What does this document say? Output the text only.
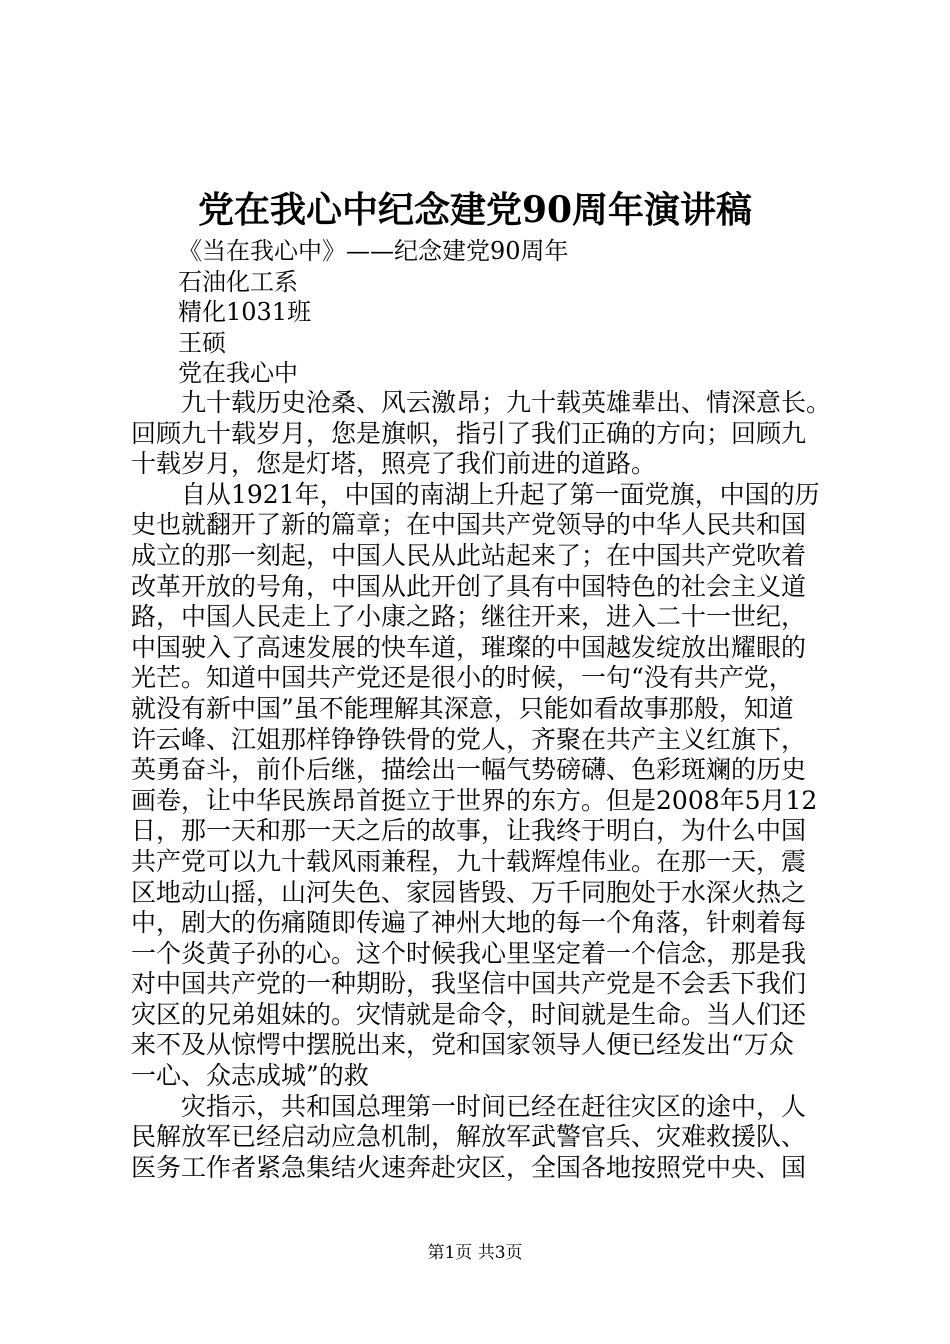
党在我心中纪念建党90周年演讲稿
《当在我心中》——纪念建党90周年
石油化工系
精化1031班
王硕
党在我心中
九十载历史沧桑、风云激昂；九十载英雄辈出、情深意长。
回顾九十载岁月，您是旗帜，指引了我们正确的方向；回顾九
十载岁月，您是灯塔，照亮了我们前进的道路。
自从1921年，中国的南湖上升起了第一面党旗，中国的历
史也就翻开了新的篇章；在中国共产党领导的中华人民共和国
成立的那一刻起，中国人民从此站起来了；在中国共产党吹着
改革开放的号角，中国从此开创了具有中国特色的社会主义道
路，中国人民走上了小康之路；继往开来，进入二十一世纪，
中国驶入了高速发展的快车道，璀璨的中国越发绽放出耀眼的
光芒。知道中国共产党还是很小的时候，一句“没有共产党，
就没有新中国”虽不能理解其深意，只能如看故事那般，知道
许云峰、江姐那样铮铮铁骨的党人，齐聚在共产主义红旗下，
英勇奋斗，前仆后继，描绘出一幅气势磅礴、色彩斑斓的历史
画卷，让中华民族昂首挺立于世界的东方。但是2008年5月12
日，那一天和那一天之后的故事，让我终于明白，为什么中国
共产党可以九十载风雨兼程，九十载辉煌伟业。在那一天，震
区地动山摇，山河失色、家园皆毁、万千同胞处于水深火热之
中，剧大的伤痛随即传遍了神州大地的每一个角落，针刺着每
一个炎黄子孙的心。这个时候我心里坚定着一个信念，那是我
对中国共产党的一种期盼，我坚信中国共产党是不会丢下我们
灾区的兄弟姐妹的。灾情就是命令，时间就是生命。当人们还
来不及从惊愕中摆脱出来，党和国家领导人便已经发出“万众
一心、众志成城”的救
灾指示，共和国总理第一时间已经在赶往灾区的途中，人
民解放军已经启动应急机制，解放军武警官兵、灾难救援队、
医务工作者紧急集结火速奔赴灾区，全国各地按照党中央、国
第1页 共3页
